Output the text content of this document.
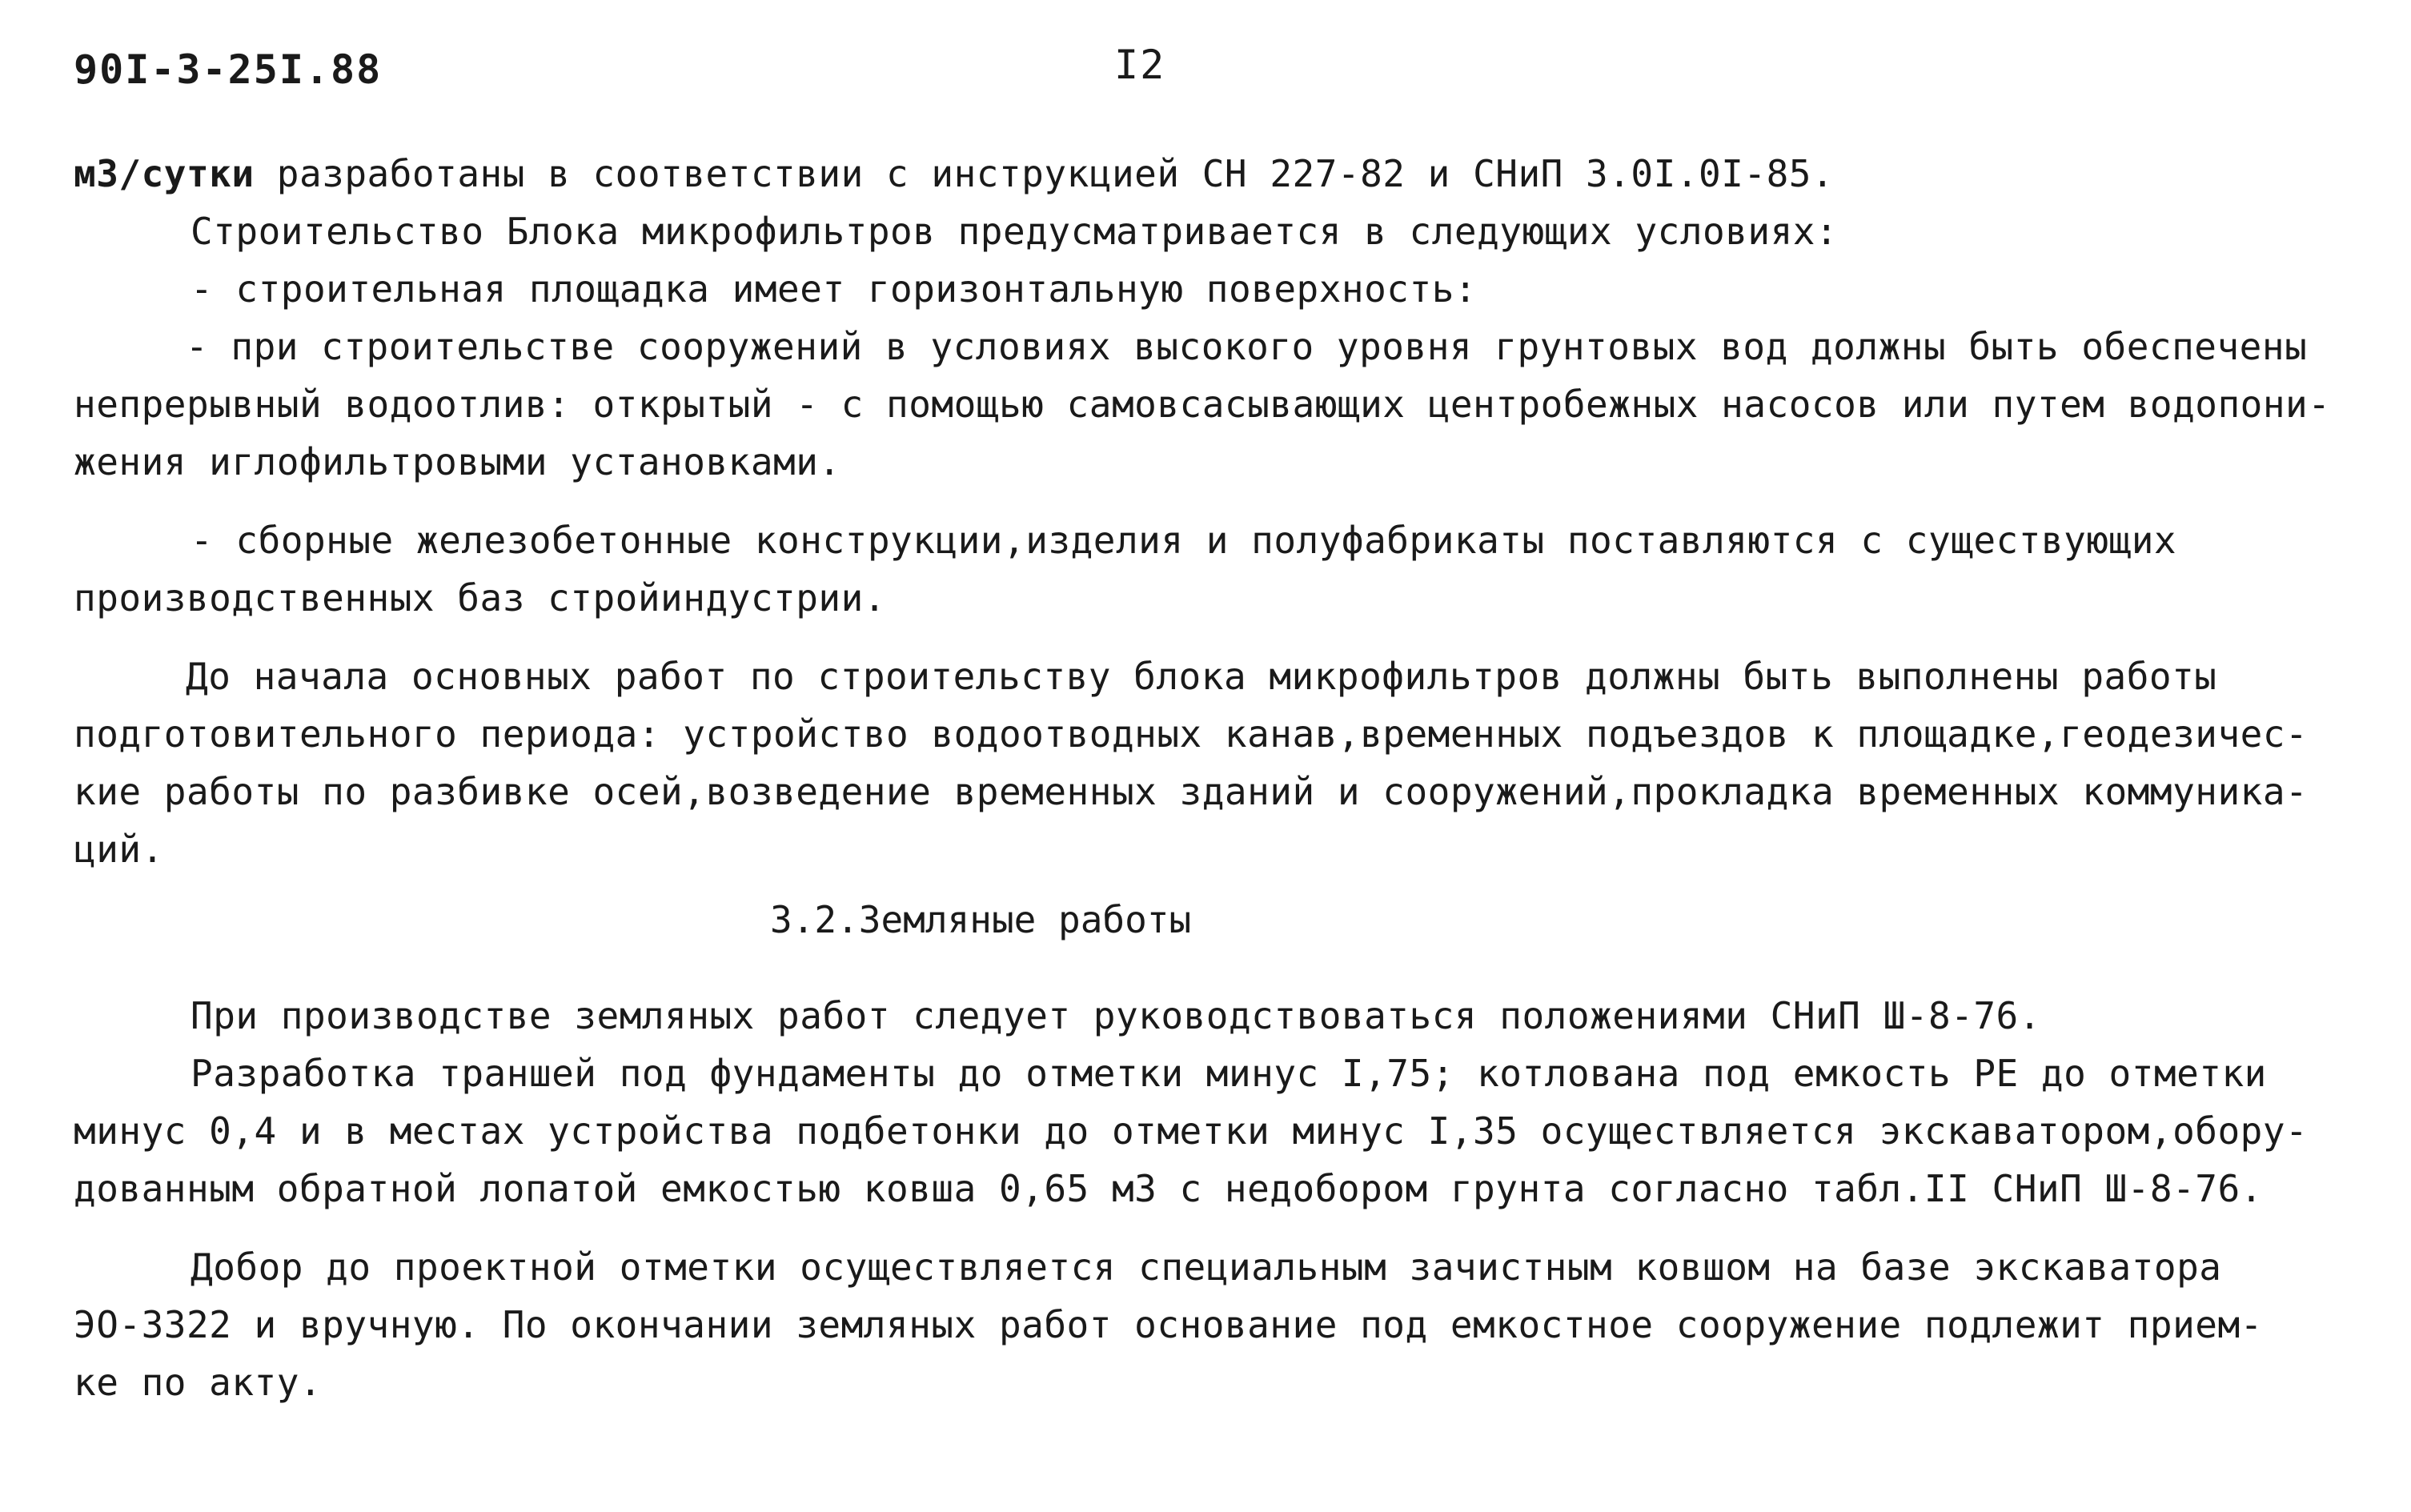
90I-3-25I.88	I2
м3/сутки разработаны в соответствии с инструкцией СН 227-82 и СНиП 3.0I.0I-85.
Строительство Блока микрофильтров предусматривается в следующих условиях:
- строительная площадка имеет горизонтальную поверхность:
- при строительстве сооружений в условиях высокого уровня грунтовых вод должны быть обеспечены
непрерывный водоотлив: открытый - с помощью самовсасывающих центробежных насосов или путем водопони-
жения иглофильтровыми установками.
- сборные железобетонные конструкции,изделия и полуфабрикаты поставляются с существующих
производственных баз стройиндустрии.
До начала основных работ по строительству блока микрофильтров должны быть выполнены работы
подготовительного периода: устройство водоотводных канав,временных подъездов к площадке,геодезичес-
кие работы по разбивке осей,возведение временных зданий и сооружений,прокладка временных коммуника-
ций.
3.2.Земляные работы
При производстве земляных работ следует руководствоваться положениями СНиП Ш-8-76.
Разработка траншей под фундаменты до отметки минус I,75; котлована под емкость РЕ до отметки
минус 0,4 и в местах устройства подбетонки до отметки минус I,35 осуществляется экскаватором,обору-
дованным обратной лопатой емкостью ковша 0,65 м3 с недобором грунта согласно табл.II СНиП Ш-8-76.
Добор до проектной отметки осуществляется специальным зачистным ковшом на базе экскаватора
ЭО-3322 и вручную. По окончании земляных работ основание под емкостное сооружение подлежит прием-
ке по акту.
